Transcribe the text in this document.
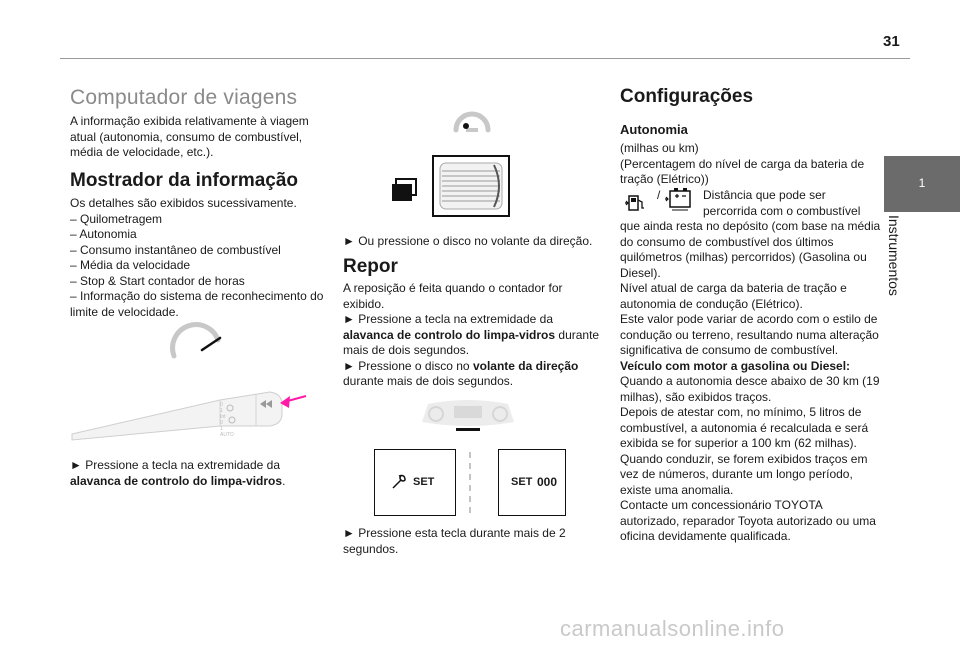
31
1
Instrumentos
Computador de viagens
A informação exibida relativamente à viagem
atual (autonomia, consumo de combustível,
média de velocidade, etc.).
Mostrador da informação
Os detalhes são exibidos sucessivamente.
– Quilometragem
– Autonomia
– Consumo instantâneo de combustível
– Média da velocidade
– Stop & Start contador de horas
– Informação do sistema de reconhecimento do
limite de velocidade.
0
1
Int
0
1
AUTO
► Pressione a tecla na extremidade da
alavanca de controlo do limpa-vidros.
► Ou pressione o disco no volante da direção.
Repor
A reposição é feita quando o contador for
exibido.
► Pressione a tecla na extremidade da
alavanca de controlo do limpa-vidros durante
mais de dois segundos.
► Pressione o disco no volante da direção
durante mais de dois segundos.
SET	SET 000
► Pressione esta tecla durante mais de 2
segundos.
Configurações
Autonomia
(milhas ou km)
(Percentagem do nível de carga da bateria de
tração (Elétrico))
/	Distância que pode ser
percorrida com o combustível
que ainda resta no depósito (com base na média
do consumo de combustível dos últimos
quilómetros (milhas) percorridos) (Gasolina ou
Diesel).
Nível atual de carga da bateria de tração e
autonomia de condução (Elétrico).
Este valor pode variar de acordo com o estilo de
condução ou terreno, resultando numa alteração
significativa de consumo de combustível.
Veículo com motor a gasolina ou Diesel:
Quando a autonomia desce abaixo de 30 km (19
milhas), são exibidos traços.
Depois de atestar com, no mínimo, 5 litros de
combustível, a autonomia é recalculada e será
exibida se for superior a 100 km (62 milhas).
Quando conduzir, se forem exibidos traços em
vez de números, durante um longo período,
existe uma anomalia.
Contacte um concessionário TOYOTA
autorizado, reparador Toyota autorizado ou uma
oficina devidamente qualificada.
carmanualsonline.info
